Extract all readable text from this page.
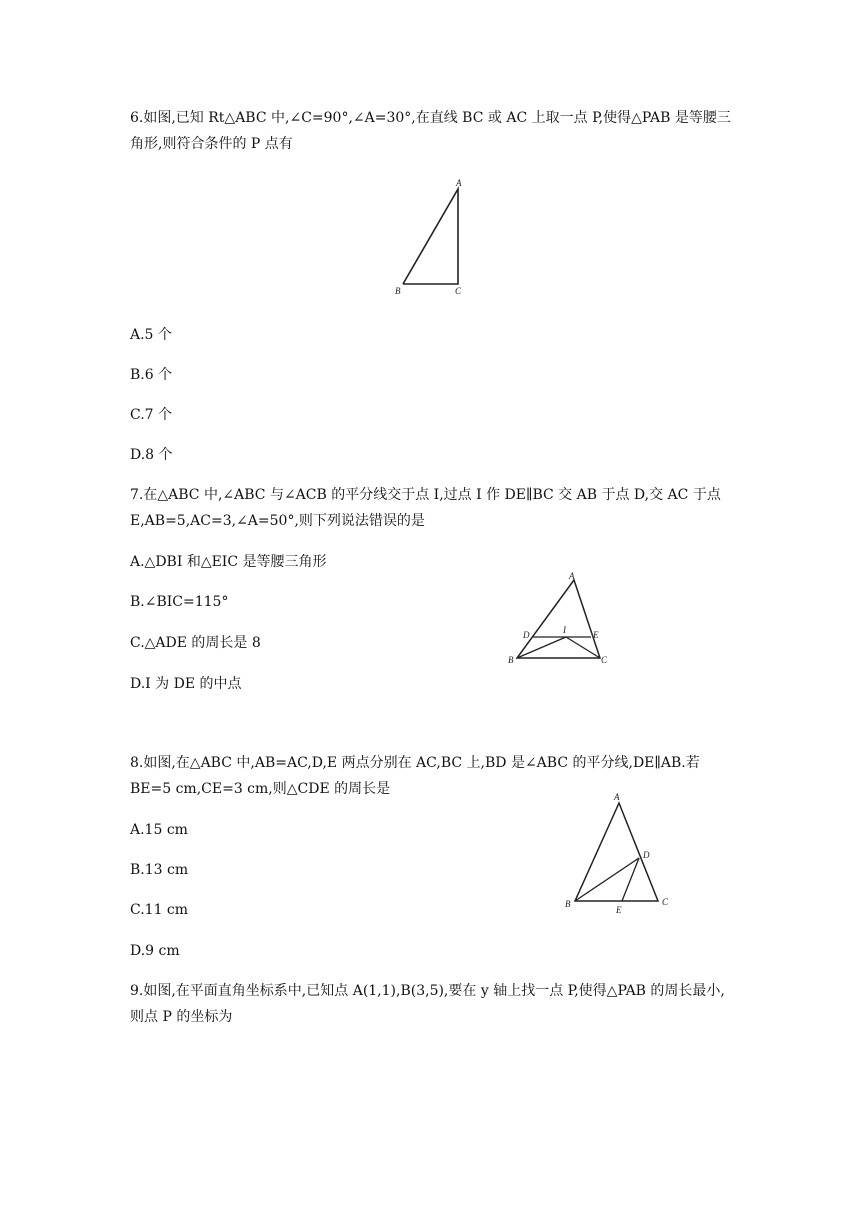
6.如图,已知 Rt△ABC 中,∠C=90°,∠A=30°,在直线 BC 或 AC 上取一点 P,使得△PAB 是等腰三
角形,则符合条件的 P 点有
A
B	C
A.5 个
B.6 个
C.7 个
D.8 个
7.在△ABC 中,∠ABC 与∠ACB 的平分线交于点 I,过点 I 作 DE∥BC 交 AB 于点 D,交 AC 于点
E,AB=5,AC=3,∠A=50°,则下列说法错误的是
A.△DBI 和△EIC 是等腰三角形
B.∠BIC=115°
C.△ADE 的周长是 8
D.I 为 DE 的中点
A
B	C
D	E
I
8.如图,在△ABC 中,AB=AC,D,E 两点分别在 AC,BC 上,BD 是∠ABC 的平分线,DE∥AB.若
BE=5 cm,CE=3 cm,则△CDE 的周长是
A.15 cm
B.13 cm
C.11 cm
D.9 cm
A
B	C
D
E
9.如图,在平面直角坐标系中,已知点 A(1,1),B(3,5),要在 y 轴上找一点 P,使得△PAB 的周长最小,
则点 P 的坐标为
